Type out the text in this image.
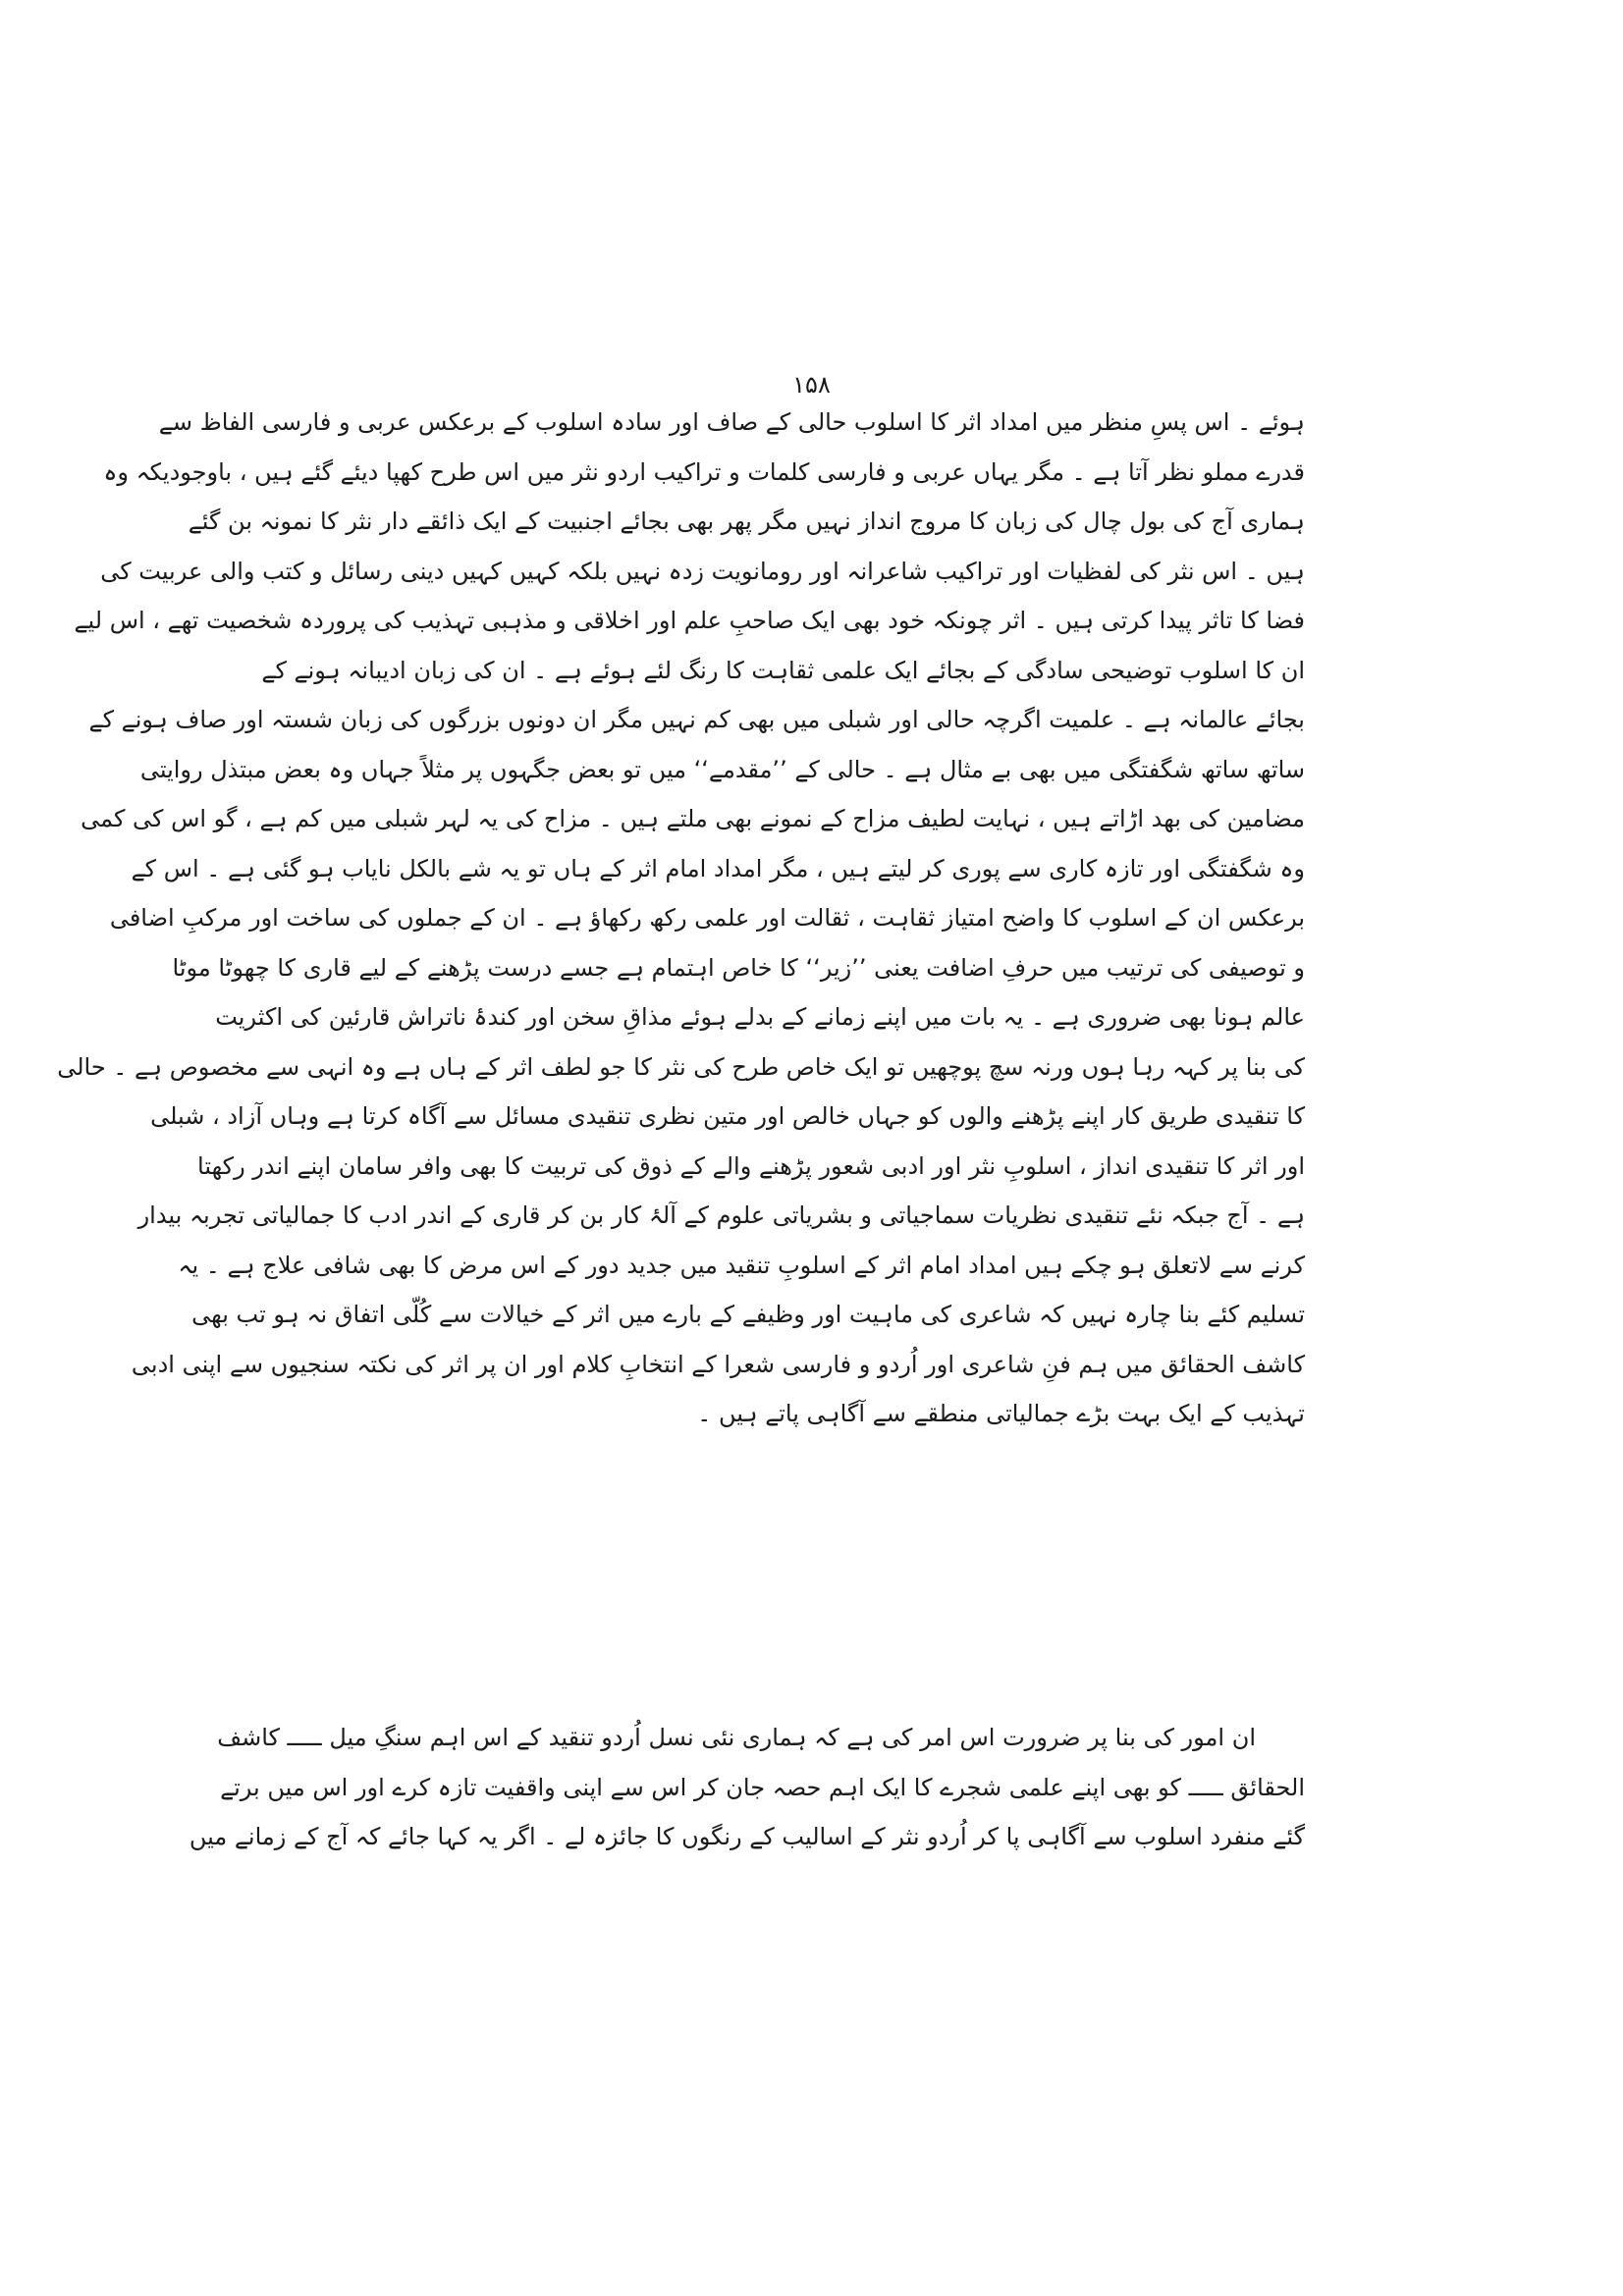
۱۵۸
ہوئے ۔ اس پسِ منظر میں امداد اثر کا اسلوب حالی کے صاف اور سادہ اسلوب کے برعکس عربی و فارسی الفاظ سے
قدرے مملو نظر آتا ہے ۔ مگر یہاں عربی و فارسی کلمات و تراکیب اردو نثر میں اس طرح کھپا دیئے گئے ہیں ، باوجودیکہ وہ
ہماری آج کی بول چال کی زبان کا مروج انداز نہیں مگر پھر بھی بجائے اجنبیت کے ایک ذائقے دار نثر کا نمونہ بن گئے
ہیں ۔ اس نثر کی لفظیات اور تراکیب شاعرانہ اور رومانویت زدہ نہیں بلکہ کہیں کہیں دینی رسائل و کتب والی عربیت کی
فضا کا تاثر پیدا کرتی ہیں ۔ اثر چونکہ خود بھی ایک صاحبِ علم اور اخلاقی و مذہبی تہذیب کی پروردہ شخصیت تھے ، اس لیے
ان کا اسلوب توضیحی سادگی کے بجائے ایک علمی ثقاہت کا رنگ لئے ہوئے ہے ۔ ان کی زبان ادیبانہ ہونے کے
بجائے عالمانہ ہے ۔ علمیت اگرچہ حالی اور شبلی میں بھی کم نہیں مگر ان دونوں بزرگوں کی زبان شستہ اور صاف ہونے کے
ساتھ ساتھ شگفتگی میں بھی بے مثال ہے ۔ حالی کے ’’مقدمے‘‘ میں تو بعض جگہوں پر مثلاً جہاں وہ بعض مبتذل روایتی
مضامین کی بھد اڑاتے ہیں ، نہایت لطیف مزاح کے نمونے بھی ملتے ہیں ۔ مزاح کی یہ لہر شبلی میں کم ہے ، گو اس کی کمی
وہ شگفتگی اور تازہ کاری سے پوری کر لیتے ہیں ، مگر امداد امام اثر کے ہاں تو یہ شے بالکل نایاب ہو گئی ہے ۔ اس کے
برعکس ان کے اسلوب کا واضح امتیاز ثقاہت ، ثقالت اور علمی رکھ رکھاؤ ہے ۔ ان کے جملوں کی ساخت اور مرکبِ اضافی
و توصیفی کی ترتیب میں حرفِ اضافت یعنی ’’زیر‘‘ کا خاص اہتمام ہے جسے درست پڑھنے کے لیے قاری کا چھوٹا موٹا
عالم ہونا بھی ضروری ہے ۔ یہ بات میں اپنے زمانے کے بدلے ہوئے مذاقِ سخن اور کندۂ ناتراش قارئین کی اکثریت
کی بنا پر کہہ رہا ہوں ورنہ سچ پوچھیں تو ایک خاص طرح کی نثر کا جو لطف اثر کے ہاں ہے وہ انہی سے مخصوص ہے ۔ حالی
کا تنقیدی طریق کار اپنے پڑھنے والوں کو جہاں خالص اور متین نظری تنقیدی مسائل سے آگاہ کرتا ہے وہاں آزاد ، شبلی
اور اثر کا تنقیدی انداز ، اسلوبِ نثر اور ادبی شعور پڑھنے والے کے ذوق کی تربیت کا بھی وافر سامان اپنے اندر رکھتا
ہے ۔ آج جبکہ نئے تنقیدی نظریات سماجیاتی و بشریاتی علوم کے آلۂ کار بن کر قاری کے اندر ادب کا جمالیاتی تجربہ بیدار
کرنے سے لاتعلق ہو چکے ہیں امداد امام اثر کے اسلوبِ تنقید میں جدید دور کے اس مرض کا بھی شافی علاج ہے ۔ یہ
تسلیم کئے بنا چارہ نہیں کہ شاعری کی ماہیت اور وظیفے کے بارے میں اثر کے خیالات سے کُلّی اتفاق نہ ہو تب بھی
کاشف الحقائق میں ہم فنِ شاعری اور اُردو و فارسی شعرا کے انتخابِ کلام اور ان پر اثر کی نکتہ سنجیوں سے اپنی ادبی
تہذیب کے ایک بہت بڑے جمالیاتی منطقے سے آگاہی پاتے ہیں ۔
ان امور کی بنا پر ضرورت اس امر کی ہے کہ ہماری نئی نسل اُردو تنقید کے اس اہم سنگِ میل ـــــ کاشف
الحقائق ـــــ کو بھی اپنے علمی شجرے کا ایک اہم حصہ جان کر اس سے اپنی واقفیت تازہ کرے اور اس میں برتے
گئے منفرد اسلوب سے آگاہی پا کر اُردو نثر کے اسالیب کے رنگوں کا جائزہ لے ۔ اگر یہ کہا جائے کہ آج کے زمانے میں
